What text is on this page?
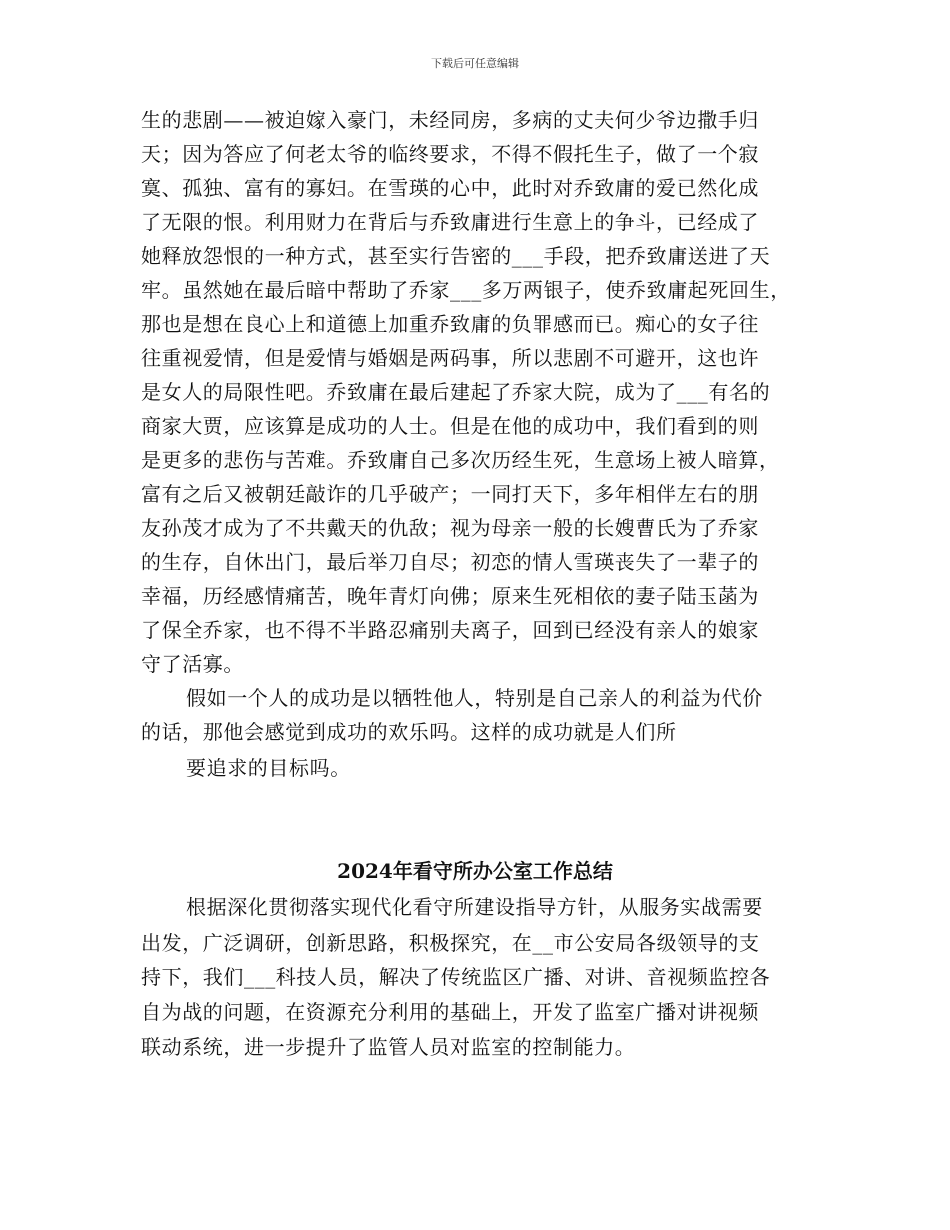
下载后可任意编辑
生的悲剧——被迫嫁入豪门，未经同房，多病的丈夫何少爷边撒手归
天；因为答应了何老太爷的临终要求，不得不假托生子，做了一个寂
寞、孤独、富有的寡妇。在雪瑛的心中，此时对乔致庸的爱已然化成
了无限的恨。利用财力在背后与乔致庸进行生意上的争斗，已经成了
她释放怨恨的一种方式，甚至实行告密的___手段，把乔致庸送进了天
牢。虽然她在最后暗中帮助了乔家___多万两银子，使乔致庸起死回生，
那也是想在良心上和道德上加重乔致庸的负罪感而已。痴心的女子往
往重视爱情，但是爱情与婚姻是两码事，所以悲剧不可避开，这也许
是女人的局限性吧。乔致庸在最后建起了乔家大院，成为了___有名的
商家大贾，应该算是成功的人士。但是在他的成功中，我们看到的则
是更多的悲伤与苦难。乔致庸自己多次历经生死，生意场上被人暗算，
富有之后又被朝廷敲诈的几乎破产；一同打天下，多年相伴左右的朋
友孙茂才成为了不共戴天的仇敌；视为母亲一般的长嫂曹氏为了乔家
的生存，自休出门，最后举刀自尽；初恋的情人雪瑛丧失了一辈子的
幸福，历经感情痛苦，晚年青灯向佛；原来生死相依的妻子陆玉菡为
了保全乔家，也不得不半路忍痛别夫离子，回到已经没有亲人的娘家
守了活寡。
假如一个人的成功是以牺牲他人，特别是自己亲人的利益为代价
的话，那他会感觉到成功的欢乐吗。这样的成功就是人们所
要追求的目标吗。
2024年看守所办公室工作总结
根据深化贯彻落实现代化看守所建设指导方针，从服务实战需要
出发，广泛调研，创新思路，积极探究，在__市公安局各级领导的支
持下，我们___科技人员，解决了传统监区广播、对讲、音视频监控各
自为战的问题，在资源充分利用的基础上，开发了监室广播对讲视频
联动系统，进一步提升了监管人员对监室的控制能力。
